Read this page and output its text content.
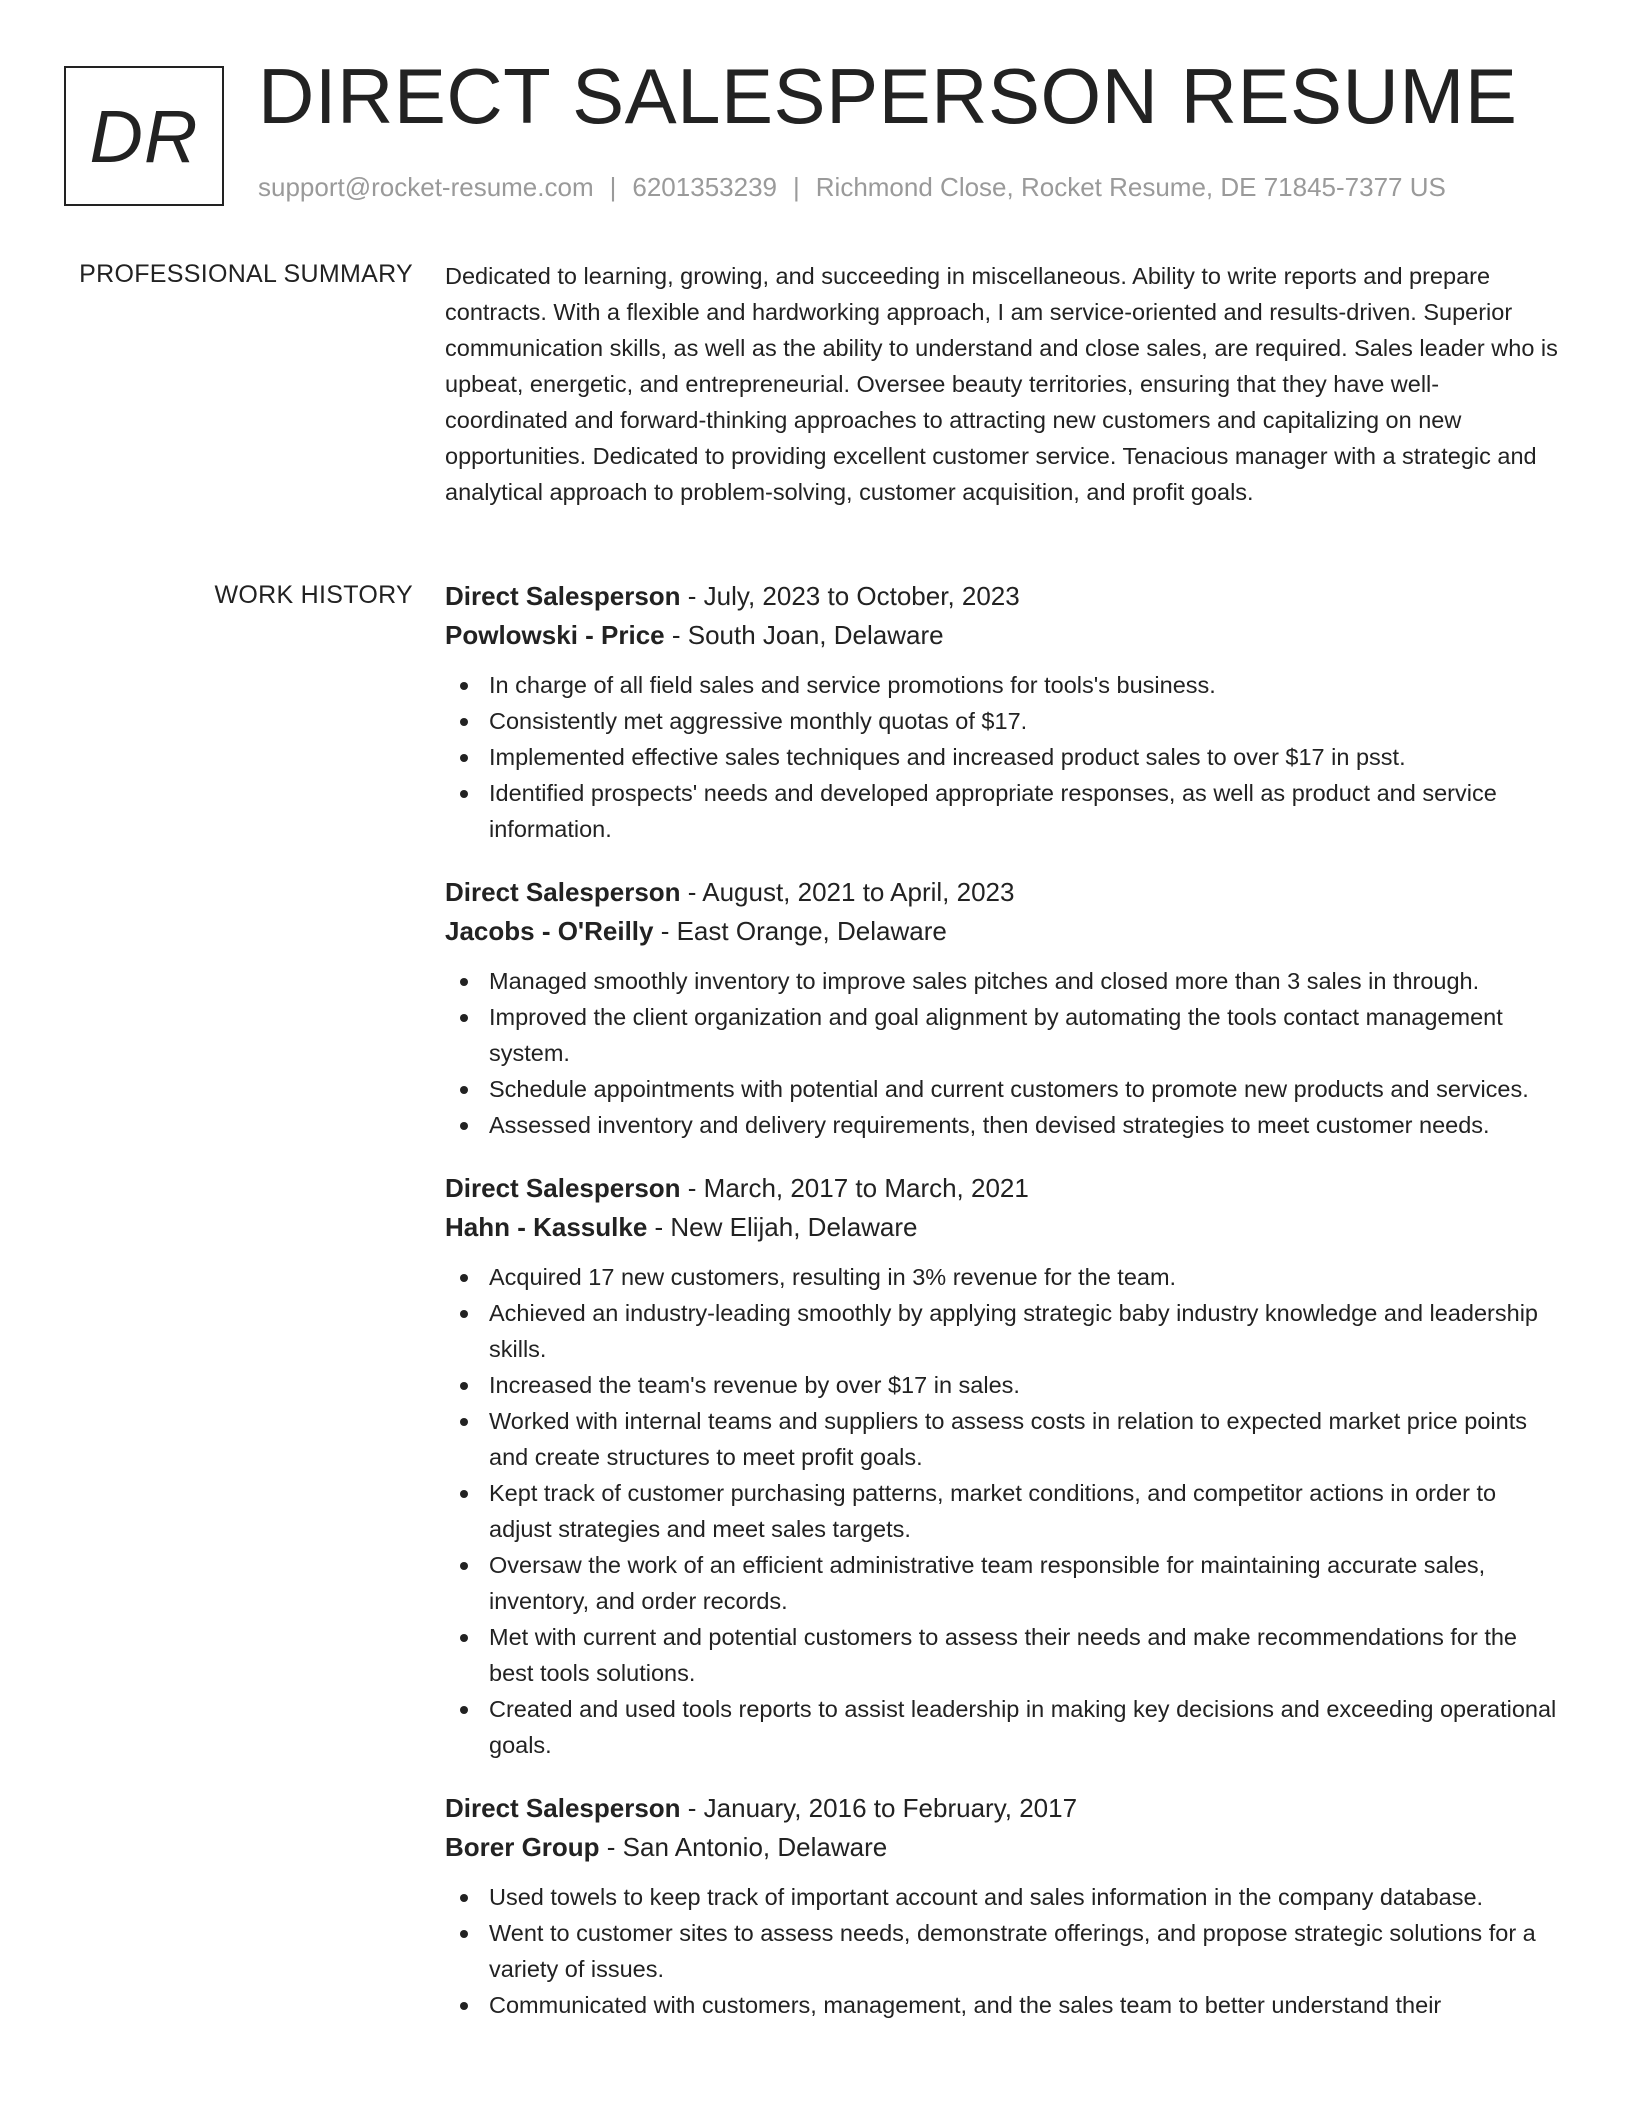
DR DIRECT SALESPERSON RESUME
support@rocket-resume.com | 6201353239 | Richmond Close, Rocket Resume, DE 71845-7377 US
PROFESSIONAL SUMMARY Dedicated to learning, growing, and succeeding in miscellaneous. Ability to write reports and prepare contracts. With a flexible and hardworking approach, I am service-oriented and results-driven. Superior communication skills, as well as the ability to understand and close sales, are required. Sales leader who is upbeat, energetic, and entrepreneurial. Oversee beauty territories, ensuring that they have well-coordinated and forward-thinking approaches to attracting new customers and capitalizing on new opportunities. Dedicated to providing excellent customer service. Tenacious manager with a strategic and analytical approach to problem-solving, customer acquisition, and profit goals.
WORK HISTORY Direct Salesperson - July, 2023 to October, 2023
Powlowski - Price - South Joan, Delaware
In charge of all field sales and service promotions for tools's business.
Consistently met aggressive monthly quotas of $17.
Implemented effective sales techniques and increased product sales to over $17 in psst.
Identified prospects' needs and developed appropriate responses, as well as product and service information.
Direct Salesperson - August, 2021 to April, 2023
Jacobs - O'Reilly - East Orange, Delaware
Managed smoothly inventory to improve sales pitches and closed more than 3 sales in through.
Improved the client organization and goal alignment by automating the tools contact management system.
Schedule appointments with potential and current customers to promote new products and services.
Assessed inventory and delivery requirements, then devised strategies to meet customer needs.
Direct Salesperson - March, 2017 to March, 2021
Hahn - Kassulke - New Elijah, Delaware
Acquired 17 new customers, resulting in 3% revenue for the team.
Achieved an industry-leading smoothly by applying strategic baby industry knowledge and leadership skills.
Increased the team's revenue by over $17 in sales.
Worked with internal teams and suppliers to assess costs in relation to expected market price points and create structures to meet profit goals.
Kept track of customer purchasing patterns, market conditions, and competitor actions in order to adjust strategies and meet sales targets.
Oversaw the work of an efficient administrative team responsible for maintaining accurate sales, inventory, and order records.
Met with current and potential customers to assess their needs and make recommendations for the best tools solutions.
Created and used tools reports to assist leadership in making key decisions and exceeding operational goals.
Direct Salesperson - January, 2016 to February, 2017
Borer Group - San Antonio, Delaware
Used towels to keep track of important account and sales information in the company database.
Went to customer sites to assess needs, demonstrate offerings, and propose strategic solutions for a variety of issues.
Communicated with customers, management, and the sales team to better understand their
